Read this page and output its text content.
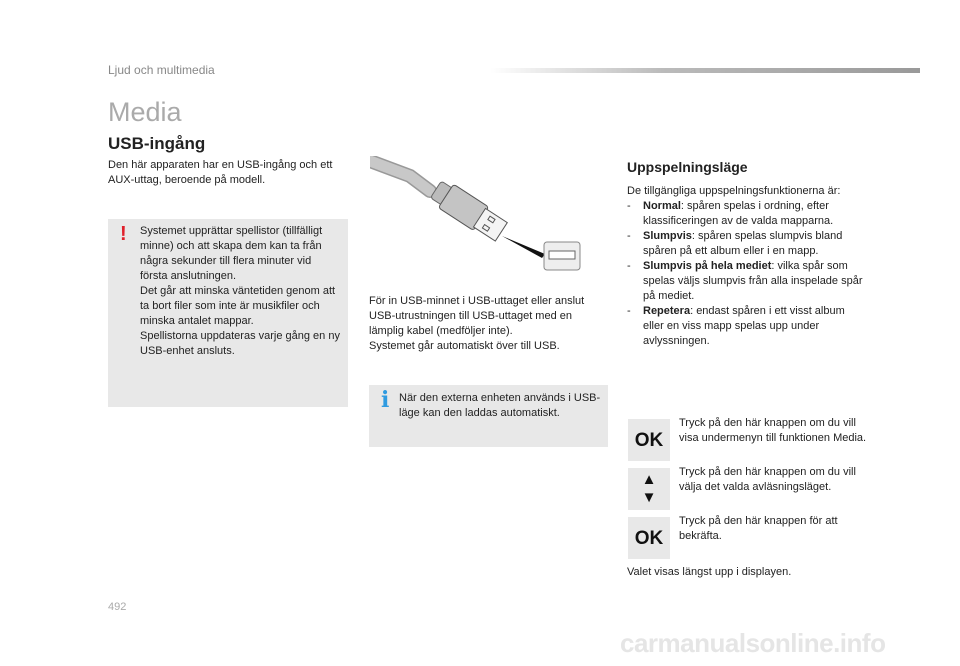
Ljud och multimedia
Media
USB-ingång
Den här apparaten har en USB-ingång och ett AUX-uttag, beroende på modell.
! Systemet upprättar spellistor (tillfälligt minne) och att skapa dem kan ta från några sekunder till flera minuter vid första anslutningen.
Det går att minska väntetiden genom att ta bort filer som inte är musikfiler och minska antalet mappar.
Spellistorna uppdateras varje gång en ny USB-enhet ansluts.
För in USB-minnet i USB-uttaget eller anslut USB-utrustningen till USB-uttaget med en lämplig kabel (medföljer inte).
Systemet går automatiskt över till USB.
i När den externa enheten används i USB-läge kan den laddas automatiskt.
Uppspelningsläge
De tillgängliga uppspelningsfunktionerna är:
-	Normal: spåren spelas i ordning, efter klassificeringen av de valda mapparna.
-	Slumpvis: spåren spelas slumpvis bland spåren på ett album eller i en mapp.
-	Slumpvis på hela mediet: vilka spår som spelas väljs slumpvis från alla inspelade spår på mediet.
-	Repetera: endast spåren i ett visst album eller en viss mapp spelas upp under avlyssningen.
OK
Tryck på den här knappen om du vill visa undermenyn till funktionen Media.
▲▼
Tryck på den här knappen om du vill välja det valda avläsningsläget.
OK
Tryck på den här knappen för att bekräfta.
Valet visas längst upp i displayen.
492
carmanualsonline.info
